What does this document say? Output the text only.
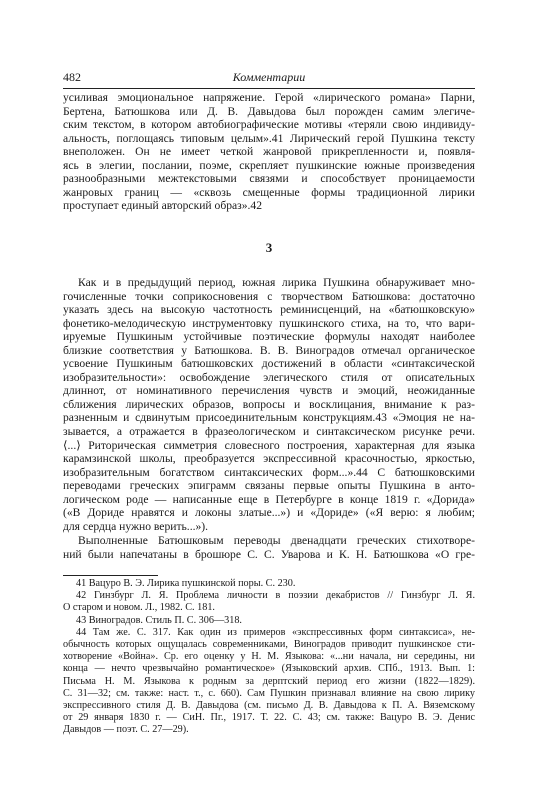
482	Комментарии
усиливая эмоциональное напряжение. Герой «лирического романа» Парни,
Бертена, Батюшкова или Д. В. Давыдова был порожден самим элегиче-
ским текстом, в котором автобиографические мотивы «теряли свою индивиду-
альность, поглощаясь типовым целым».41 Лирический герой Пушкина тексту
внеположен. Он не имеет четкой жанровой прикрепленности и, появля-
ясь в элегии, послании, поэме, скрепляет пушкинские южные произведения
разнообразными межтекстовыми связями и способствует проницаемости
жанровых границ — «сквозь смещенные формы традиционной лирики
проступает единый авторский образ».42
3
Как и в предыдущий период, южная лирика Пушкина обнаруживает мно-
гочисленные точки соприкосновения с творчеством Батюшкова: достаточно
указать здесь на высокую частотность реминисценций, на «батюшковскую»
фонетико-мелодическую инструментовку пушкинского стиха, на то, что вари-
ируемые Пушкиным устойчивые поэтические формулы находят наиболее
близкие соответствия у Батюшкова. В. В. Виноградов отмечал органическое
усвоение Пушкиным батюшковских достижений в области «синтаксической
изобразительности»: освобождение элегического стиля от описательных
длиннот, от номинативного перечисления чувств и эмоций, неожиданные
сближения лирических образов, вопросы и восклицания, внимание к раз-
разненным и сдвинутым присоединительным конструкциям.43 «Эмоция не на-
зывается, а отражается в фразеологическом и синтаксическом рисунке речи.
⟨...⟩ Риторическая симметрия словесного построения, характерная для языка
карамзинской школы, преобразуется экспрессивной красочностью, яркостью,
изобразительным богатством синтаксических форм...».44 С батюшковскими
переводами греческих эпиграмм связаны первые опыты Пушкина в анто-
логическом роде — написанные еще в Петербурге в конце 1819 г. «Дорида»
(«В Дориде нравятся и локоны златые...») и «Дориде» («Я верю: я любим;
для сердца нужно верить...»).
Выполненные Батюшковым переводы двенадцати греческих стихотворе-
ний были напечатаны в брошюре С. С. Уварова и К. Н. Батюшкова «О гре-
41 Вацуро В. Э. Лирика пушкинской поры. С. 230.
42 Гинзбург Л. Я. Проблема личности в поэзии декабристов // Гинзбург Л. Я.
О старом и новом. Л., 1982. С. 181.
43 Виноградов. Стиль П. С. 306—318.
44 Там же. С. 317. Как один из примеров «экспрессивных форм синтаксиса», не-
обычность которых ощущалась современниками, Виноградов приводит пушкинское сти-
хотворение «Война». Ср. его оценку у Н. М. Языкова: «...ни начала, ни середины, ни
конца — нечто чрезвычайно романтическое» (Языковский архив. СПб., 1913. Вып. 1:
Письма Н. М. Языкова к родным за дерптский период его жизни (1822—1829).
С. 31—32; см. также: наст. т., с. 660). Сам Пушкин признавал влияние на свою лирику
экспрессивного стиля Д. В. Давыдова (см. письмо Д. В. Давыдова к П. А. Вяземскому
от 29 января 1830 г. — СиН. Пг., 1917. Т. 22. С. 43; см. также: Вацуро В. Э. Денис
Давыдов — поэт. С. 27—29).
